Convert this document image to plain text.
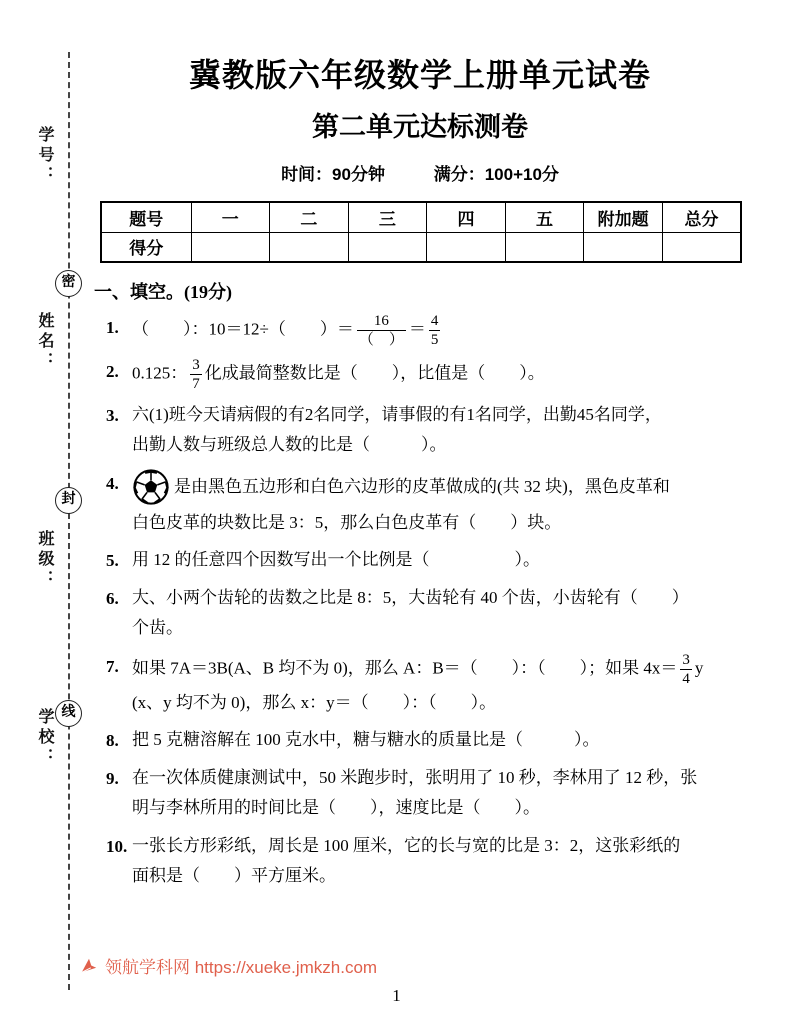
学号：
姓名：
班级：
学校：
密
封
线
冀教版六年级数学上册单元试卷
第二单元达标测卷
时间：90分钟	满分：100+10分
题号	一	二	三	四	五	附加题	总分
得分							
一、填空。(19分)
1. （　　）：10＝12÷（　　）＝ $\frac{16}{( )} = \frac{4}{5}$
2. 0.125： $\frac{3}{7}$ 化成最简整数比是（　　），比值是（　　）。
3. 六(1)班今天请病假的有2名同学，请事假的有1名同学，出勤45名同学，
出勤人数与班级总人数的比是（　　　）。
4.	是由黑色五边形和白色六边形的皮革做成的(共 32 块)，黑色皮革和
白色皮革的块数比是 3：5，那么白色皮革有（　　）块。
5. 用 12 的任意四个因数写出一个比例是（　　　　　）。
6. 大、小两个齿轮的齿数之比是 8：5，大齿轮有 40 个齿，小齿轮有（　　）
个齿。
7. 如果 7A＝3B(A、B 均不为 0)，那么 A：B＝（　　）：（　　）；如果 $4x= \frac{3}{4}$ y
(x、y 均不为 0)，那么 x：y＝（　　）：（　　）。
8. 把 5 克糖溶解在 100 克水中，糖与糖水的质量比是（　　　）。
9. 在一次体质健康测试中，50 米跑步时，张明用了 10 秒，李林用了 12 秒，张
明与李林所用的时间比是（　　），速度比是（　　）。
10. 一张长方形彩纸，周长是 100 厘米，它的长与宽的比是 3：2，这张彩纸的
面积是（　　）平方厘米。
领航学科网 https://xueke.jmkzh.com
1
